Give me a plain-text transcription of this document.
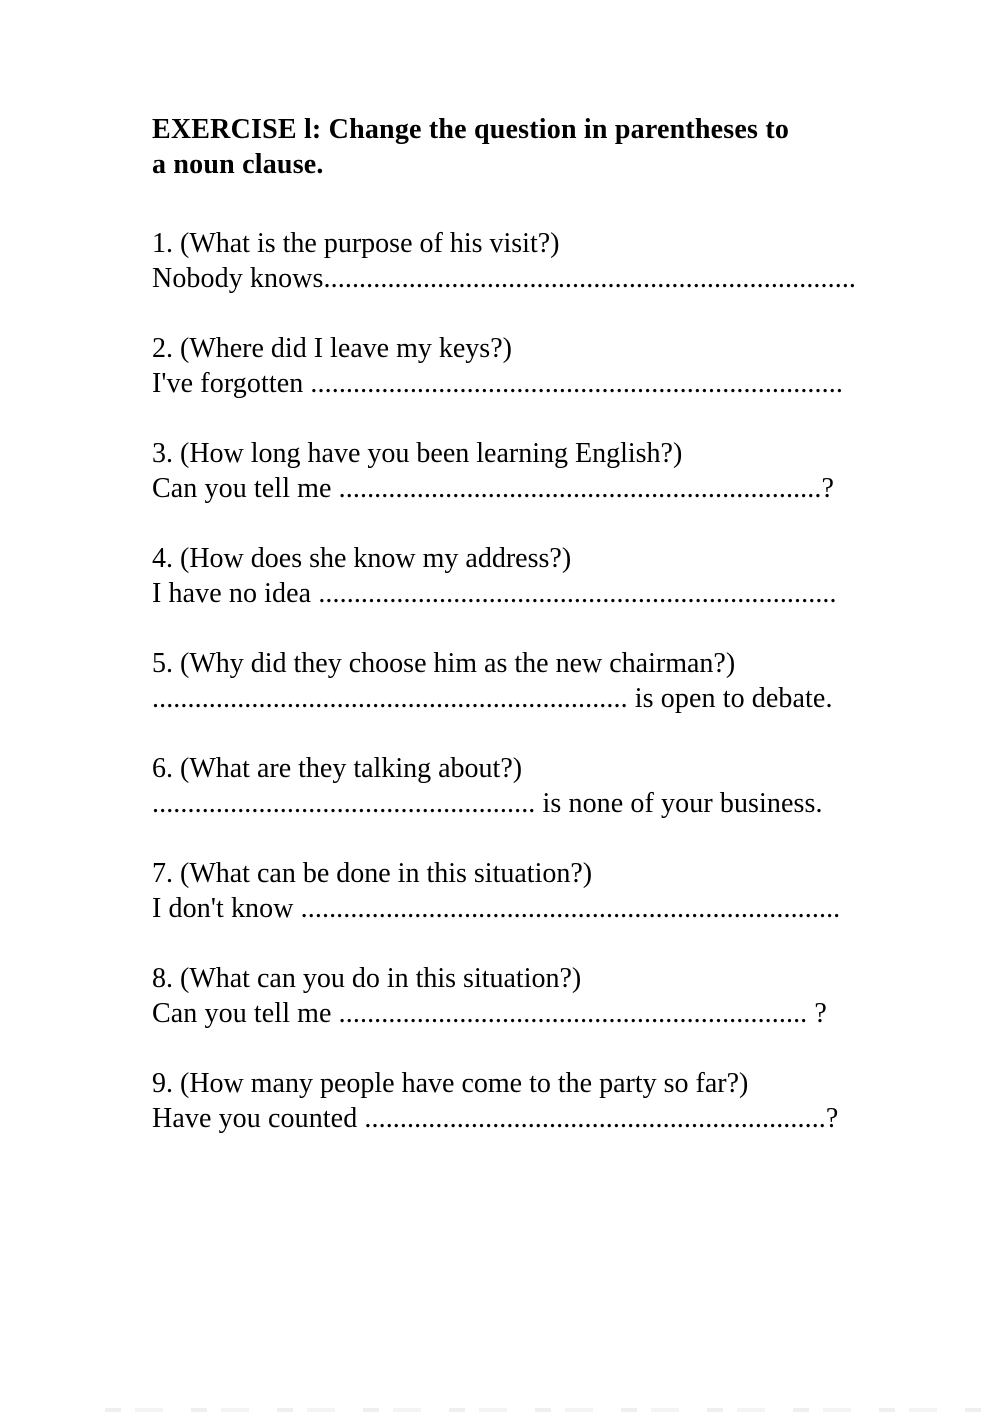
EXERCISE l: Change the question in parentheses to
a noun clause.
1. (What is the purpose of his visit?)
Nobody knows...........................................................................
2. (Where did I leave my keys?)
I've forgotten ...........................................................................
3. (How long have you been learning English?)
Can you tell me ....................................................................?
4. (How does she know my address?)
I have no idea .........................................................................
5. (Why did they choose him as the new chairman?)
................................................................... is open to debate.
6. (What are they talking about?)
...................................................... is none of your business.
7. (What can be done in this situation?)
I don't know ............................................................................
8. (What can you do in this situation?)
Can you tell me .................................................................. ?
9. (How many people have come to the party so far?)
Have you counted .................................................................?
